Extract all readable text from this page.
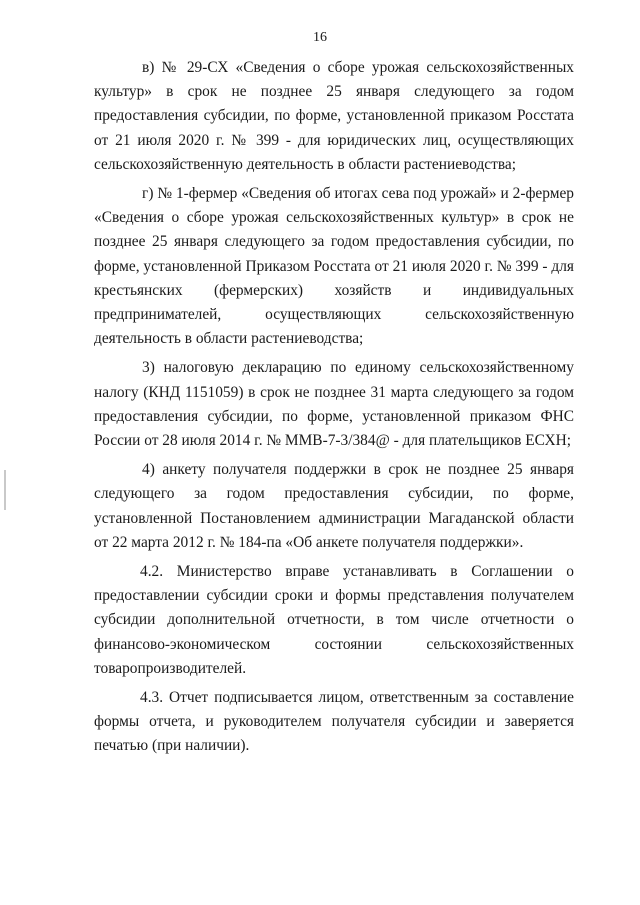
16

в) № 29-СХ «Сведения о сборе урожая сельскохозяйственных культур» в срок не позднее 25 января следующего за годом предоставления субсидии, по форме, установленной приказом Росстата от 21 июля 2020 г. № 399 - для юридических лиц, осуществляющих сельскохозяйственную деятельность в области растениеводства;

г) № 1-фермер «Сведения об итогах сева под урожай» и 2-фермер «Сведения о сборе урожая сельскохозяйственных культур» в срок не позднее 25 января следующего за годом предоставления субсидии, по форме, установленной Приказом Росстата от 21 июля 2020 г. № 399 - для крестьянских (фермерских) хозяйств и индивидуальных предпринимателей, осуществляющих сельскохозяйственную деятельность в области растениеводства;

3) налоговую декларацию по единому сельскохозяйственному налогу (КНД 1151059) в срок не позднее 31 марта следующего за годом предоставления субсидии, по форме, установленной приказом ФНС России от 28 июля 2014 г. № ММВ-7-3/384@ - для плательщиков ЕСХН;

4) анкету получателя поддержки в срок не позднее 25 января следующего за годом предоставления субсидии, по форме, установленной Постановлением администрации Магаданской области от 22 марта 2012 г. № 184-па «Об анкете получателя поддержки».

4.2. Министерство вправе устанавливать в Соглашении о предоставлении субсидии сроки и формы представления получателем субсидии дополнительной отчетности, в том числе отчетности о финансово-экономическом состоянии сельскохозяйственных товаропроизводителей.

4.3. Отчет подписывается лицом, ответственным за составление формы отчета, и руководителем получателя субсидии и заверяется печатью (при наличии).
